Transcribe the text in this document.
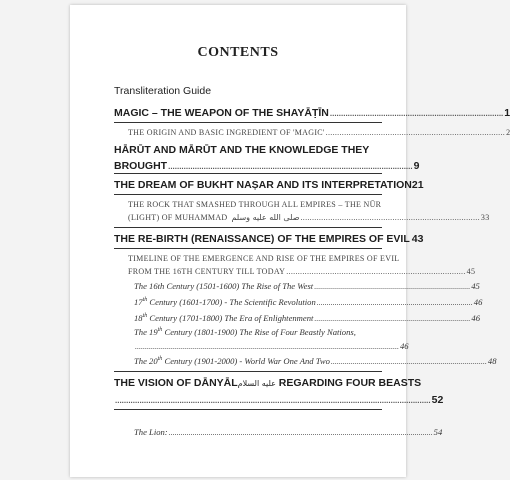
CONTENTS
Transliteration Guide
MAGIC – THE WEAPON OF THE SHAYĀṬĪN .............................................................................. 1
THE ORIGIN AND BASIC INGREDIENT OF 'MAGIC' .............................................................................. 2
HĀRŪT AND MĀRŪT AND THE KNOWLEDGE THEY
BROUGHT .............................................................................................................. 9
THE DREAM OF BUKHT NAṢAR AND ITS INTERPRETATION 21
THE ROCK THAT SMASHED THROUGH ALL EMPIRES – THE NŪR
(LIGHT) OF MUHAMMAD صلى الله عليه وسلم .............................................................................. 33
THE RE-BIRTH (RENAISSANCE) OF THE EMPIRES OF EVIL 43
TIMELINE OF THE EMERGENCE AND RISE OF THE EMPIRES OF EVIL
FROM THE 16TH CENTURY TILL TODAY .............................................................................. 45
The 16th Century (1501-1600) The Rise of The West .............................................................................. 45
17th Century (1601-1700) - The Scientific Revolution .............................................................................. 46
18th Century (1701-1800) The Era of Enlightenment .............................................................................. 46
The 19th Century (1801-1900) The Rise of Four Beastly Nations,
.................................................................................................................................... 46
The 20th Century (1901-2000) - World War One And Two .............................................................................. 48
THE VISION OF DĀNYĀLعليه السلام REGARDING FOUR BEASTS
.............................................................................................................................................. 52
The Lion: .................................................................................................................................... 54
